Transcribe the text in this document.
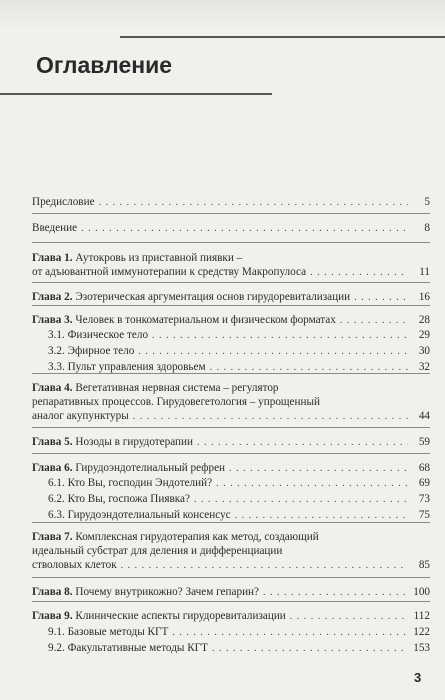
Оглавление
Предисловие . . .	5
Введение . . .	8
Глава 1. Аутокровь из приставной пиявки –
от адъювантной иммунотерапии к средству Макропулоса . . .	11
Глава 2. Эзотерическая аргументация основ гирудоревитализации . . .	16
Глава 3. Человек в тонкоматериальном и физическом форматах . . .	28
3.1. Физическое тело . . .	29
3.2. Эфирное тело . . .	30
3.3. Пульт управления здоровьем . . .	32
Глава 4. Вегетативная нервная система – регулятор
репаративных процессов. Гирудовегетология – упрощенный
аналог акупунктуры . . .	44
Глава 5. Нозоды в гирудотерапии . . .	59
Глава 6. Гирудоэндотелиальный рефрен . . .	68
6.1. Кто Вы, господин Эндотелий? . . .	69
6.2. Кто Вы, госпожа Пиявка? . . .	73
6.3. Гирудоэндотелиальный консенсус . . .	75
Глава 7. Комплексная гирудотерапия как метод, создающий
идеальный субстрат для деления и дифференциации
стволовых клеток . . .	85
Глава 8. Почему внутрикожно? Зачем гепарин? . . .	100
Глава 9. Клинические аспекты гирудоревитализации . . .	112
9.1. Базовые методы КГТ . . .	122
9.2. Факультативные методы КГТ . . .	153
3
